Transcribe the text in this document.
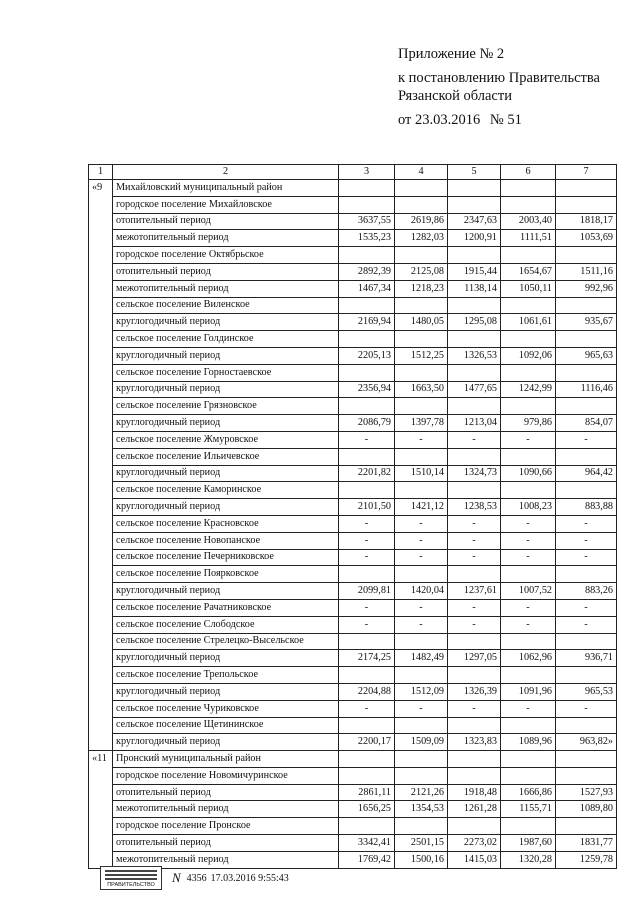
Приложение № 2
к постановлению Правительства
Рязанской области
от 23.03.2016 № 51
1	2	3	4	5	6	7
«9	Михайловский муниципальный район					
	городское поселение Михайловское					
	отопительный период	3637,55	2619,86	2347,63	2003,40	1818,17
	межотопительный период	1535,23	1282,03	1200,91	1111,51	1053,69
	городское поселение Октябрьское					
	отопительный период	2892,39	2125,08	1915,44	1654,67	1511,16
	межотопительный период	1467,34	1218,23	1138,14	1050,11	992,96
	сельское поселение Виленское					
	круглогодичный период	2169,94	1480,05	1295,08	1061,61	935,67
	сельское поселение Голдинское					
	круглогодичный период	2205,13	1512,25	1326,53	1092,06	965,63
	сельское поселение Горностаевское					
	круглогодичный период	2356,94	1663,50	1477,65	1242,99	1116,46
	сельское поселение Грязновское					
	круглогодичный период	2086,79	1397,78	1213,04	979,86	854,07
	сельское поселение Жмуровское	-	-	-	-	-
	сельское поселение Ильичевское					
	круглогодичный период	2201,82	1510,14	1324,73	1090,66	964,42
	сельское поселение Каморинское					
	круглогодичный период	2101,50	1421,12	1238,53	1008,23	883,88
	сельское поселение Красновское	-	-	-	-	-
	сельское поселение Новопанское	-	-	-	-	-
	сельское поселение Печерниковское	-	-	-	-	-
	сельское поселение Поярковское					
	круглогодичный период	2099,81	1420,04	1237,61	1007,52	883,26
	сельское поселение Рачатниковское	-	-	-	-	-
	сельское поселение Слободское	-	-	-	-	-
	сельское поселение Стрелецко-Высельское					
	круглогодичный период	2174,25	1482,49	1297,05	1062,96	936,71
	сельское поселение Трепольское					
	круглогодичный период	2204,88	1512,09	1326,39	1091,96	965,53
	сельское поселение Чуриковское	-	-	-	-	-
	сельское поселение Щетининское					
	круглогодичный период	2200,17	1509,09	1323,83	1089,96	963,82»
«11	Пронский муниципальный район					
	городское поселение Новомичуринское					
	отопительный период	2861,11	2121,26	1918,48	1666,86	1527,93
	межотопительный период	1656,25	1354,53	1261,28	1155,71	1089,80
	городское поселение Пронское					
	отопительный период	3342,41	2501,15	2273,02	1987,60	1831,77
	межотопительный период	1769,42	1500,16	1415,03	1320,28	1259,78
ПРАВИТЕЛЬСТВО	N 4356 17.03.2016 9:55:43
